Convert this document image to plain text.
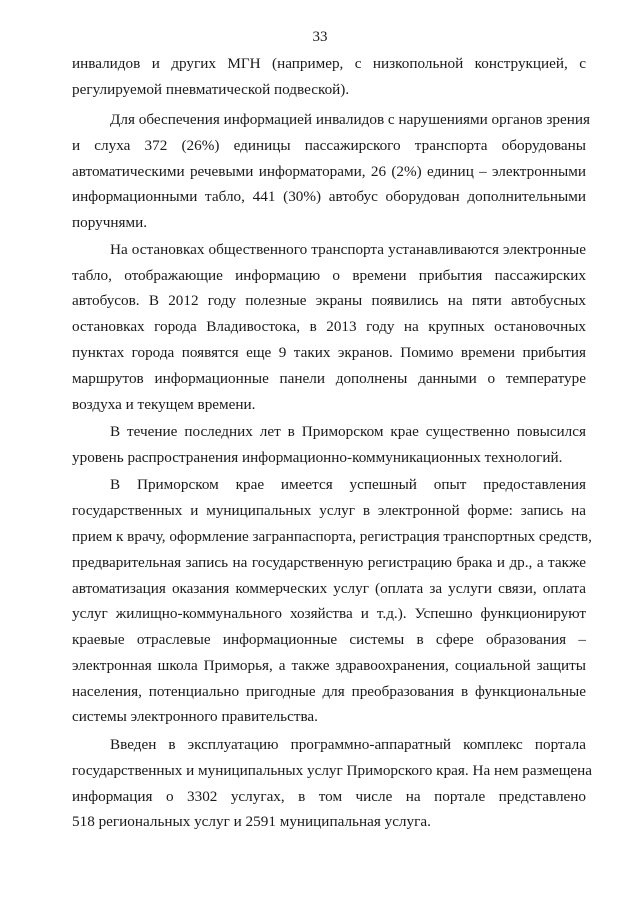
33
инвалидов и других МГН (например, с низкопольной конструкцией, с
регулируемой пневматической подвеской).
Для обеспечения информацией инвалидов с нарушениями органов зрения
и слуха 372 (26%) единицы пассажирского транспорта оборудованы
автоматическими речевыми информаторами, 26 (2%) единиц – электронными
информационными табло, 441 (30%) автобус оборудован дополнительными
поручнями.
На остановках общественного транспорта устанавливаются электронные
табло, отображающие информацию о времени прибытия пассажирских
автобусов. В 2012 году полезные экраны появились на пяти автобусных
остановках города Владивостока, в 2013 году на крупных остановочных
пунктах города появятся еще 9 таких экранов. Помимо времени прибытия
маршрутов информационные панели дополнены данными о температуре
воздуха и текущем времени.
В течение последних лет в Приморском крае существенно повысился
уровень распространения информационно-коммуникационных технологий.
В Приморском крае имеется успешный опыт предоставления
государственных и муниципальных услуг в электронной форме: запись на
прием к врачу, оформление загранпаспорта, регистрация транспортных средств,
предварительная запись на государственную регистрацию брака и др., а также
автоматизация оказания коммерческих услуг (оплата за услуги связи, оплата
услуг жилищно-коммунального хозяйства и т.д.). Успешно функционируют
краевые отраслевые информационные системы в сфере образования –
электронная школа Приморья, а также здравоохранения, социальной защиты
населения, потенциально пригодные для преобразования в функциональные
системы электронного правительства.
Введен в эксплуатацию программно-аппаратный комплекс портала
государственных и муниципальных услуг Приморского края. На нем размещена
информация о 3302 услугах, в том числе на портале представлено
518 региональных услуг и 2591 муниципальная услуга.
